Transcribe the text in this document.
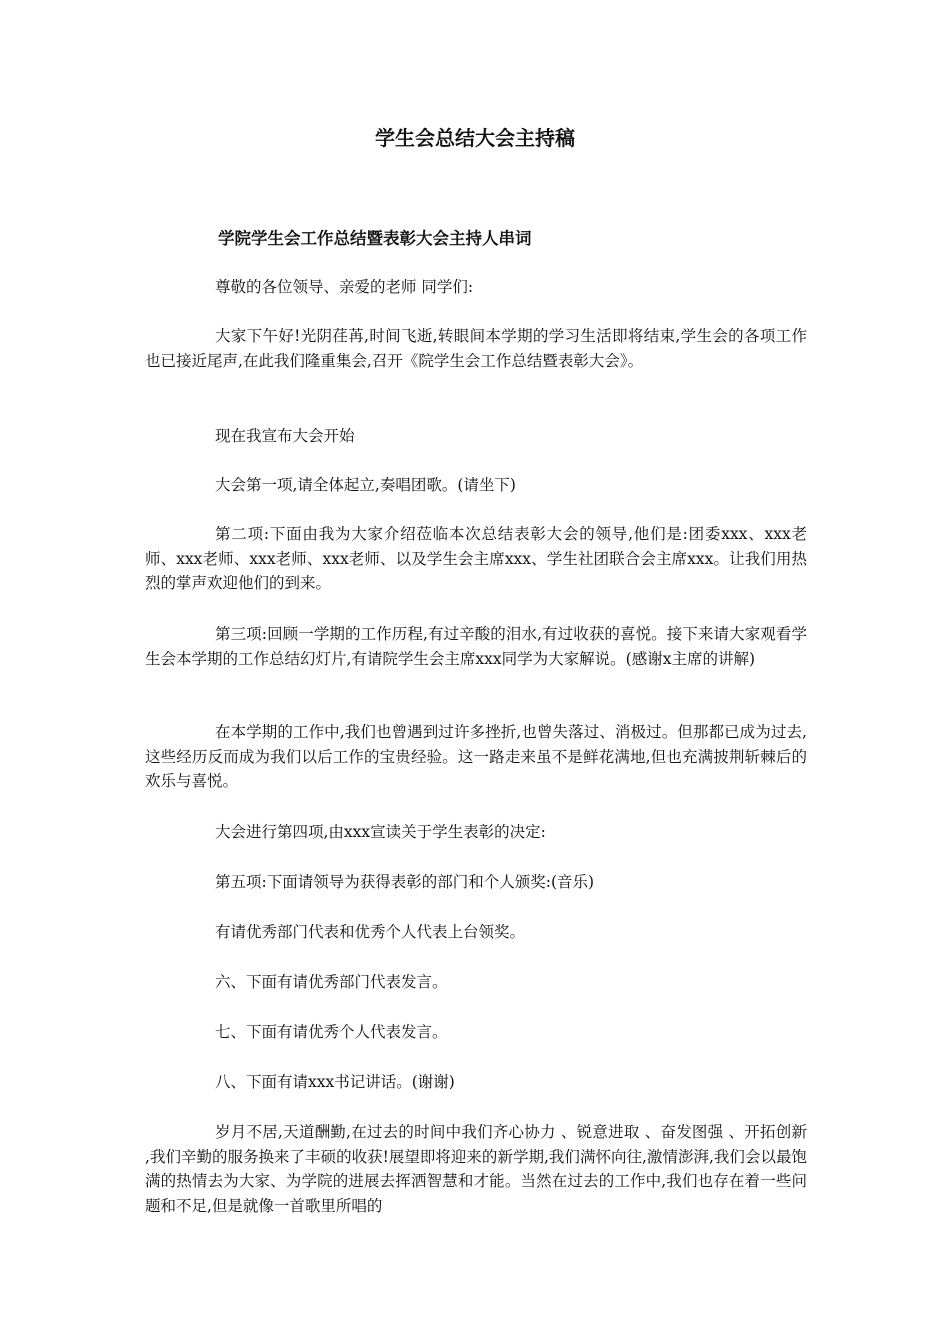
学生会总结大会主持稿
学院学生会工作总结暨表彰大会主持人串词

尊敬的各位领导、亲爱的老师 同学们:

大家下午好!光阴荏苒,时间飞逝,转眼间本学期的学习生活即将结束,学生会的各项工作也已接近尾声,在此我们隆重集会,召开《院学生会工作总结暨表彰大会》。

现在我宣布大会开始

大会第一项,请全体起立,奏唱团歌。(请坐下)

第二项:下面由我为大家介绍莅临本次总结表彰大会的领导,他们是:团委xxx、xxx老师、xxx老师、xxx老师、xxx老师、以及学生会主席xxx、学生社团联合会主席xxx。让我们用热烈的掌声欢迎他们的到来。

第三项:回顾一学期的工作历程,有过辛酸的泪水,有过收获的喜悦。接下来请大家观看学生会本学期的工作总结幻灯片,有请院学生会主席xxx同学为大家解说。(感谢x主席的讲解)

在本学期的工作中,我们也曾遇到过许多挫折,也曾失落过、消极过。但那都已成为过去,这些经历反而成为我们以后工作的宝贵经验。这一路走来虽不是鲜花满地,但也充满披荆斩棘后的欢乐与喜悦。

大会进行第四项,由xxx宣读关于学生表彰的决定:

第五项:下面请领导为获得表彰的部门和个人颁奖:(音乐)

有请优秀部门代表和优秀个人代表上台领奖。

六、下面有请优秀部门代表发言。

七、下面有请优秀个人代表发言。

八、下面有请xxx书记讲话。(谢谢)

岁月不居,天道酬勤,在过去的时间中我们齐心协力 、锐意进取 、奋发图强 、开拓创新 ,我们辛勤的服务换来了丰硕的收获!展望即将迎来的新学期,我们满怀向往,激情澎湃,我们会以最饱满的热情去为大家、为学院的进展去挥洒智慧和才能。当然在过去的工作中,我们也存在着一些问题和不足,但是就像一首歌里所唱的
